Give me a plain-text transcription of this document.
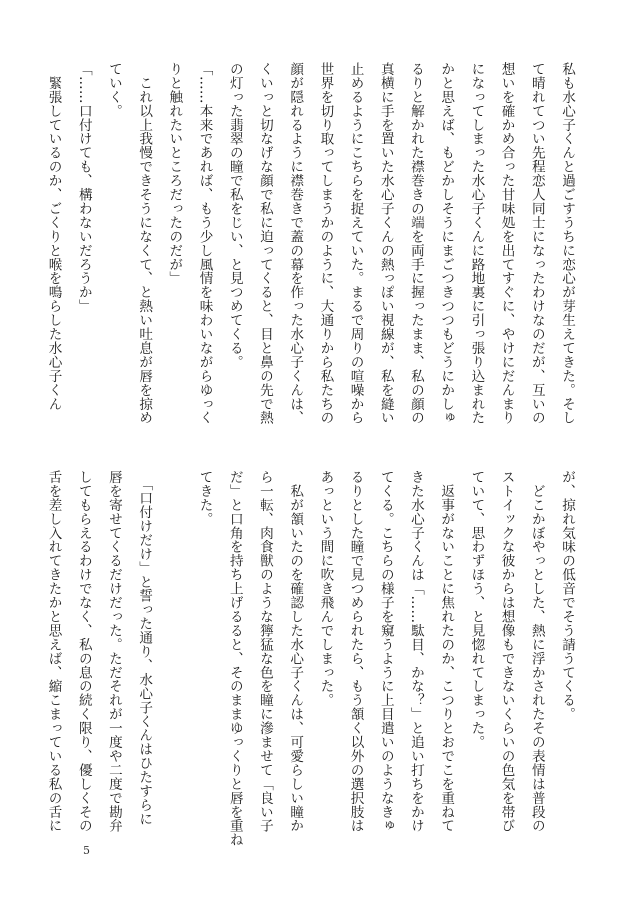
私も水心子くんと過ごすうちに恋心が芽生えてきた。そし
て晴れてつい先程恋人同士になったわけなのだが、互いの
想いを確かめ合った甘味処を出てすぐに、やけにだんまり
になってしまった水心子くんに路地裏に引っ張り込まれた
かと思えば、もどかしそうにまごつきつつもどうにかしゅ
るりと解かれた襟巻きの端を両手に握ったまま、私の顔の
真横に手を置いた水心子くんの熱っぽい視線が、私を縫い
止めるようにこちらを捉えていた。まるで周りの喧噪から
世界を切り取ってしまうかのように、大通りから私たちの
顔が隠れるように襟巻きで蓋の幕を作った水心子くんは、
くいっと切なげな顔で私に迫ってくると、目と鼻の先で熱
の灯った翡翠の瞳で私をじい、と見つめてくる。
「……本来であれば、もう少し風情を味わいながらゆっく
りと触れたいところだったのだが」
　これ以上我慢できそうになくて、と熱い吐息が唇を掠め
ていく。
「……口付けても、構わないだろうか」
　緊張しているのか、ごくりと喉を鳴らした水心子くん
が、掠れ気味の低音でそう請うてくる。
　どこかぼやっとした、熱に浮かされたその表情は普段の
ストイックな彼からは想像もできないくらいの色気を帯び
ていて、思わずほう、と見惚れてしまった。
　返事がないことに焦れたのか、こつりとおでこを重ねて
きた水心子くんは「……駄目、かな？」と追い打ちをかけ
てくる。こちらの様子を窺うように上目遣いのようなきゅ
るりとした瞳で見つめられたら、もう頷く以外の選択肢は
あっという間に吹き飛んでしまった。
　私が頷いたのを確認した水心子くんは、可愛らしい瞳か
ら一転、肉食獣のような獰猛な色を瞳に滲ませて「良い子
だ」と口角を持ち上げるると、そのままゆっくりと唇を重ね
てきた。

　「口付けだけ」と誓った通り、水心子くんはひたすらに
唇を寄せてくるだけだった。ただそれが一度や二度で勘弁
してもらえるわけでなく、私の息の続く限り、優しくその
舌を差し入れてきたかと思えば、縮こまっている私の舌に
5
